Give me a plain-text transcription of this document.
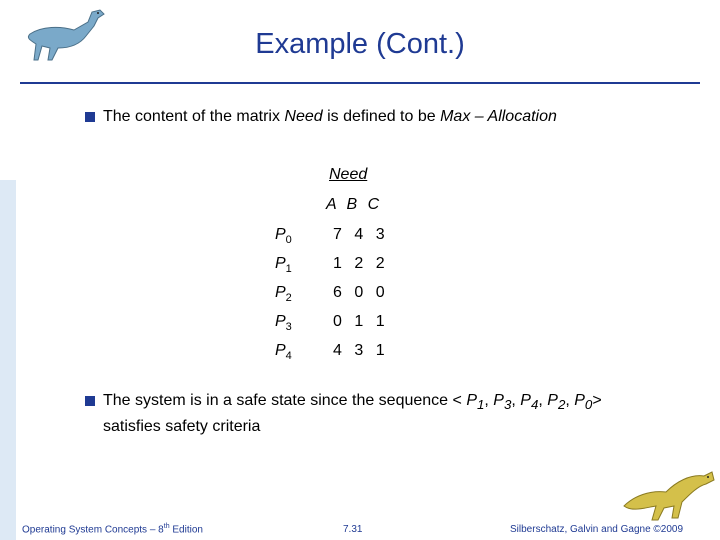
Example (Cont.)
The content of the matrix Need is defined to be Max – Allocation
Need
A B C
$P_0$	7 4 3
$P_1$	1 2 2
$P_2$	6 0 0
$P_3$	0 1 1
$P_4$	4 3 1
The system is in a safe state since the sequence < $P_1$, $P_3$, $P_4$, $P_2$, $P_0>$
satisfies safety criteria
Operating System Concepts – 8th Edition	7.31	Silberschatz, Galvin and Gagne ©2009
